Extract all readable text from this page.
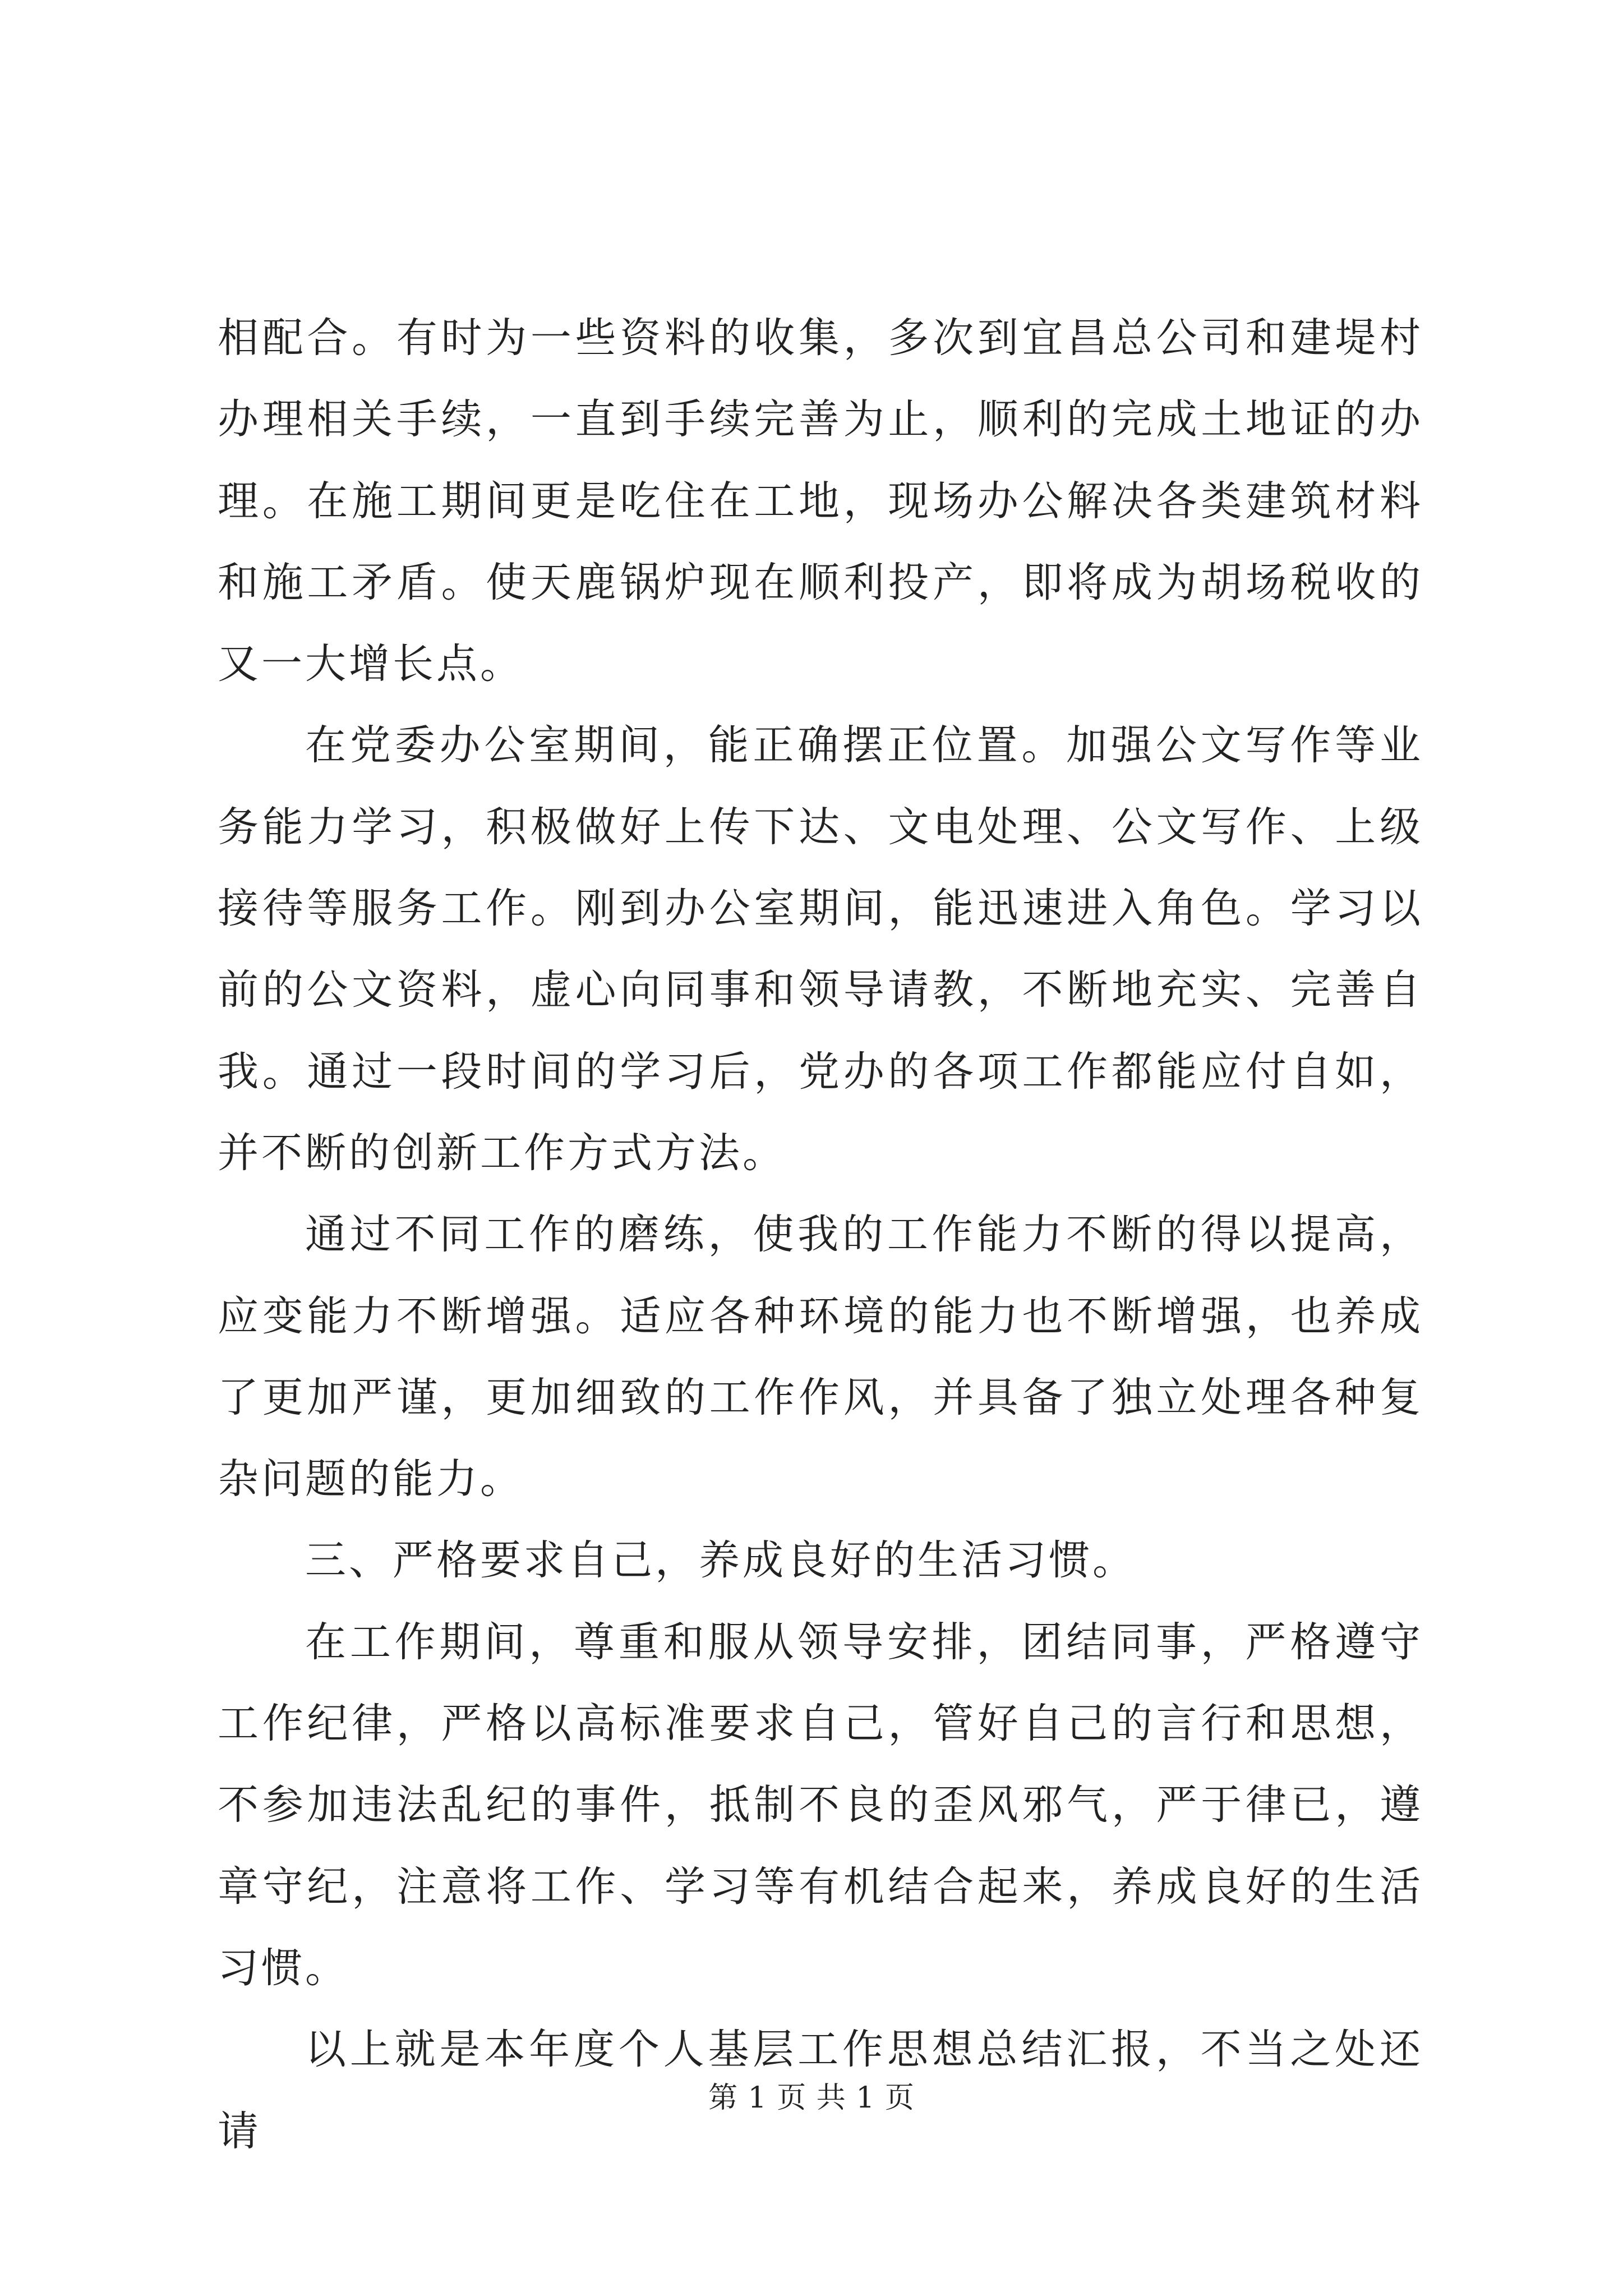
相配合。有时为一些资料的收集，多次到宜昌总公司和建堤村办理相关手续，一直到手续完善为止，顺利的完成土地证的办理。在施工期间更是吃住在工地，现场办公解决各类建筑材料和施工矛盾。使天鹿锅炉现在顺利投产，即将成为胡场税收的又一大增长点。

在党委办公室期间，能正确摆正位置。加强公文写作等业务能力学习，积极做好上传下达、文电处理、公文写作、上级接待等服务工作。刚到办公室期间，能迅速进入角色。学习以前的公文资料，虚心向同事和领导请教，不断地充实、完善自我。通过一段时间的学习后，党办的各项工作都能应付自如，并不断的创新工作方式方法。

通过不同工作的磨练，使我的工作能力不断的得以提高，应变能力不断增强。适应各种环境的能力也不断增强，也养成了更加严谨，更加细致的工作作风，并具备了独立处理各种复杂问题的能力。

三、严格要求自己，养成良好的生活习惯。

在工作期间，尊重和服从领导安排，团结同事，严格遵守工作纪律，严格以高标准要求自己，管好自己的言行和思想，不参加违法乱纪的事件，抵制不良的歪风邪气，严于律已，遵章守纪，注意将工作、学习等有机结合起来，养成良好的生活习惯。

以上就是本年度个人基层工作思想总结汇报，不当之处还请

第 1 页 共 1 页
